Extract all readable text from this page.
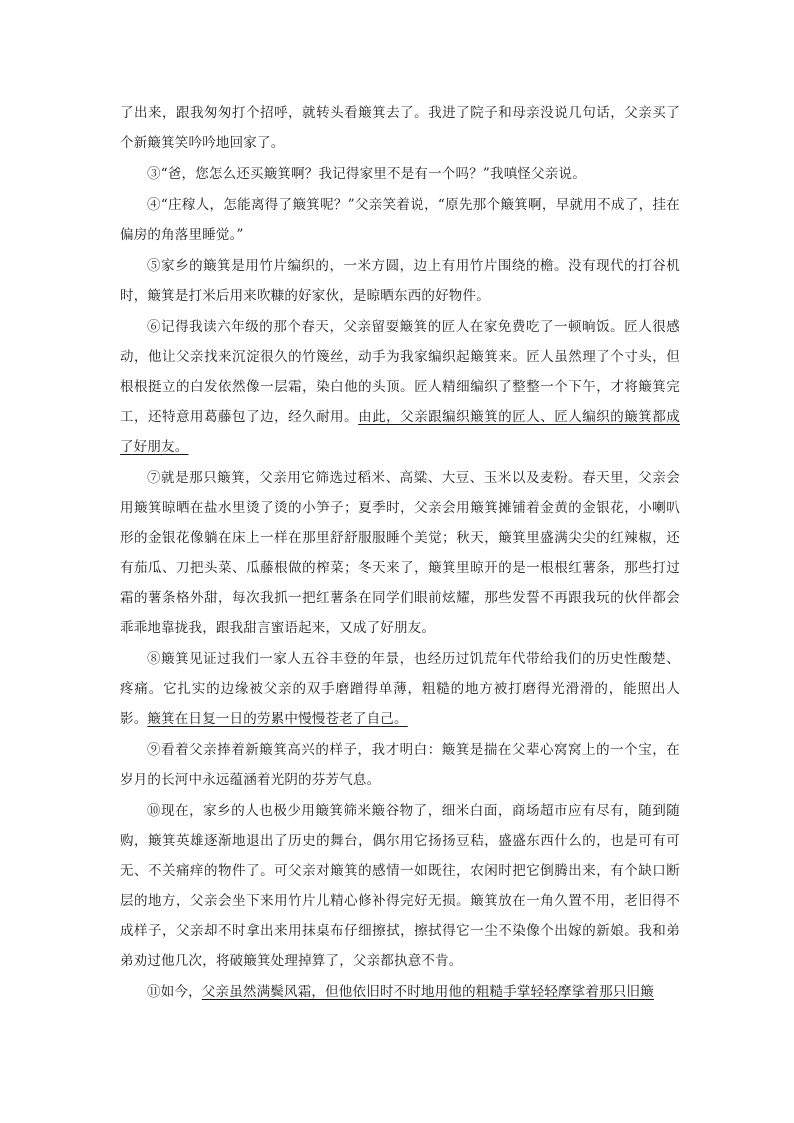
了出来，跟我匆匆打个招呼，就转头看簸箕去了。我进了院子和母亲没说几句话，父亲买了个新簸箕笑吟吟地回家了。

③“爸，您怎么还买簸箕啊？我记得家里不是有一个吗？”我嗔怪父亲说。

④“庄稼人，怎能离得了簸箕呢？”父亲笑着说，“原先那个簸箕啊，早就用不成了，挂在偏房的角落里睡觉。”

⑤家乡的簸箕是用竹片编织的，一米方圆，边上有用竹片围绕的檐。没有现代的打谷机时，簸箕是打米后用来吹糠的好家伙，是晾晒东西的好物件。

⑥记得我读六年级的那个春天，父亲留耍簸箕的匠人在家免费吃了一顿晌饭。匠人很感动，他让父亲找来沉淀很久的竹篾丝，动手为我家编织起簸箕来。匠人虽然理了个寸头，但根根挺立的白发依然像一层霜，染白他的头顶。匠人精细编织了整整一个下午，才将簸箕完工，还特意用葛藤包了边，经久耐用。由此，父亲跟编织簸箕的匠人、匠人编织的簸箕都成了好朋友。

⑦就是那只簸箕，父亲用它筛选过稻米、高粱、大豆、玉米以及麦粉。春天里，父亲会用簸箕晾晒在盐水里烫了烫的小笋子；夏季时，父亲会用簸箕摊铺着金黄的金银花，小喇叭形的金银花像躺在床上一样在那里舒舒服服睡个美觉；秋天，簸箕里盛满尖尖的红辣椒，还有茄瓜、刀把头菜、瓜藤根做的榨菜；冬天来了，簸箕里晾开的是一根根红薯条，那些打过霜的薯条格外甜，每次我抓一把红薯条在同学们眼前炫耀，那些发誓不再跟我玩的伙伴都会乖乖地靠拢我，跟我甜言蜜语起来，又成了好朋友。

⑧簸箕见证过我们一家人五谷丰登的年景，也经历过饥荒年代带给我们的历史性酸楚、疼痛。它扎实的边缘被父亲的双手磨蹭得单薄，粗糙的地方被打磨得光滑滑的，能照出人影。簸箕在日复一日的劳累中慢慢苍老了自己。

⑨看着父亲捧着新簸箕高兴的样子，我才明白：簸箕是揣在父辈心窝窝上的一个宝，在岁月的长河中永远蕴涵着光阴的芬芳气息。

⑩现在，家乡的人也极少用簸箕筛米簸谷物了，细米白面，商场超市应有尽有，随到随购，簸箕英雄逐渐地退出了历史的舞台，偶尔用它扬扬豆秸，盛盛东西什么的，也是可有可无、不关痛痒的物件了。可父亲对簸箕的感情一如既往，农闲时把它倒腾出来，有个缺口断层的地方，父亲会坐下来用竹片儿精心修补得完好无损。簸箕放在一角久置不用，老旧得不成样子，父亲却不时拿出来用抹桌布仔细擦拭，擦拭得它一尘不染像个出嫁的新娘。我和弟弟劝过他几次，将破簸箕处理掉算了，父亲都执意不肯。

⑪如今，父亲虽然满鬓风霜，但他依旧时不时地用他的粗糙手掌轻轻摩挲着那只旧簸
